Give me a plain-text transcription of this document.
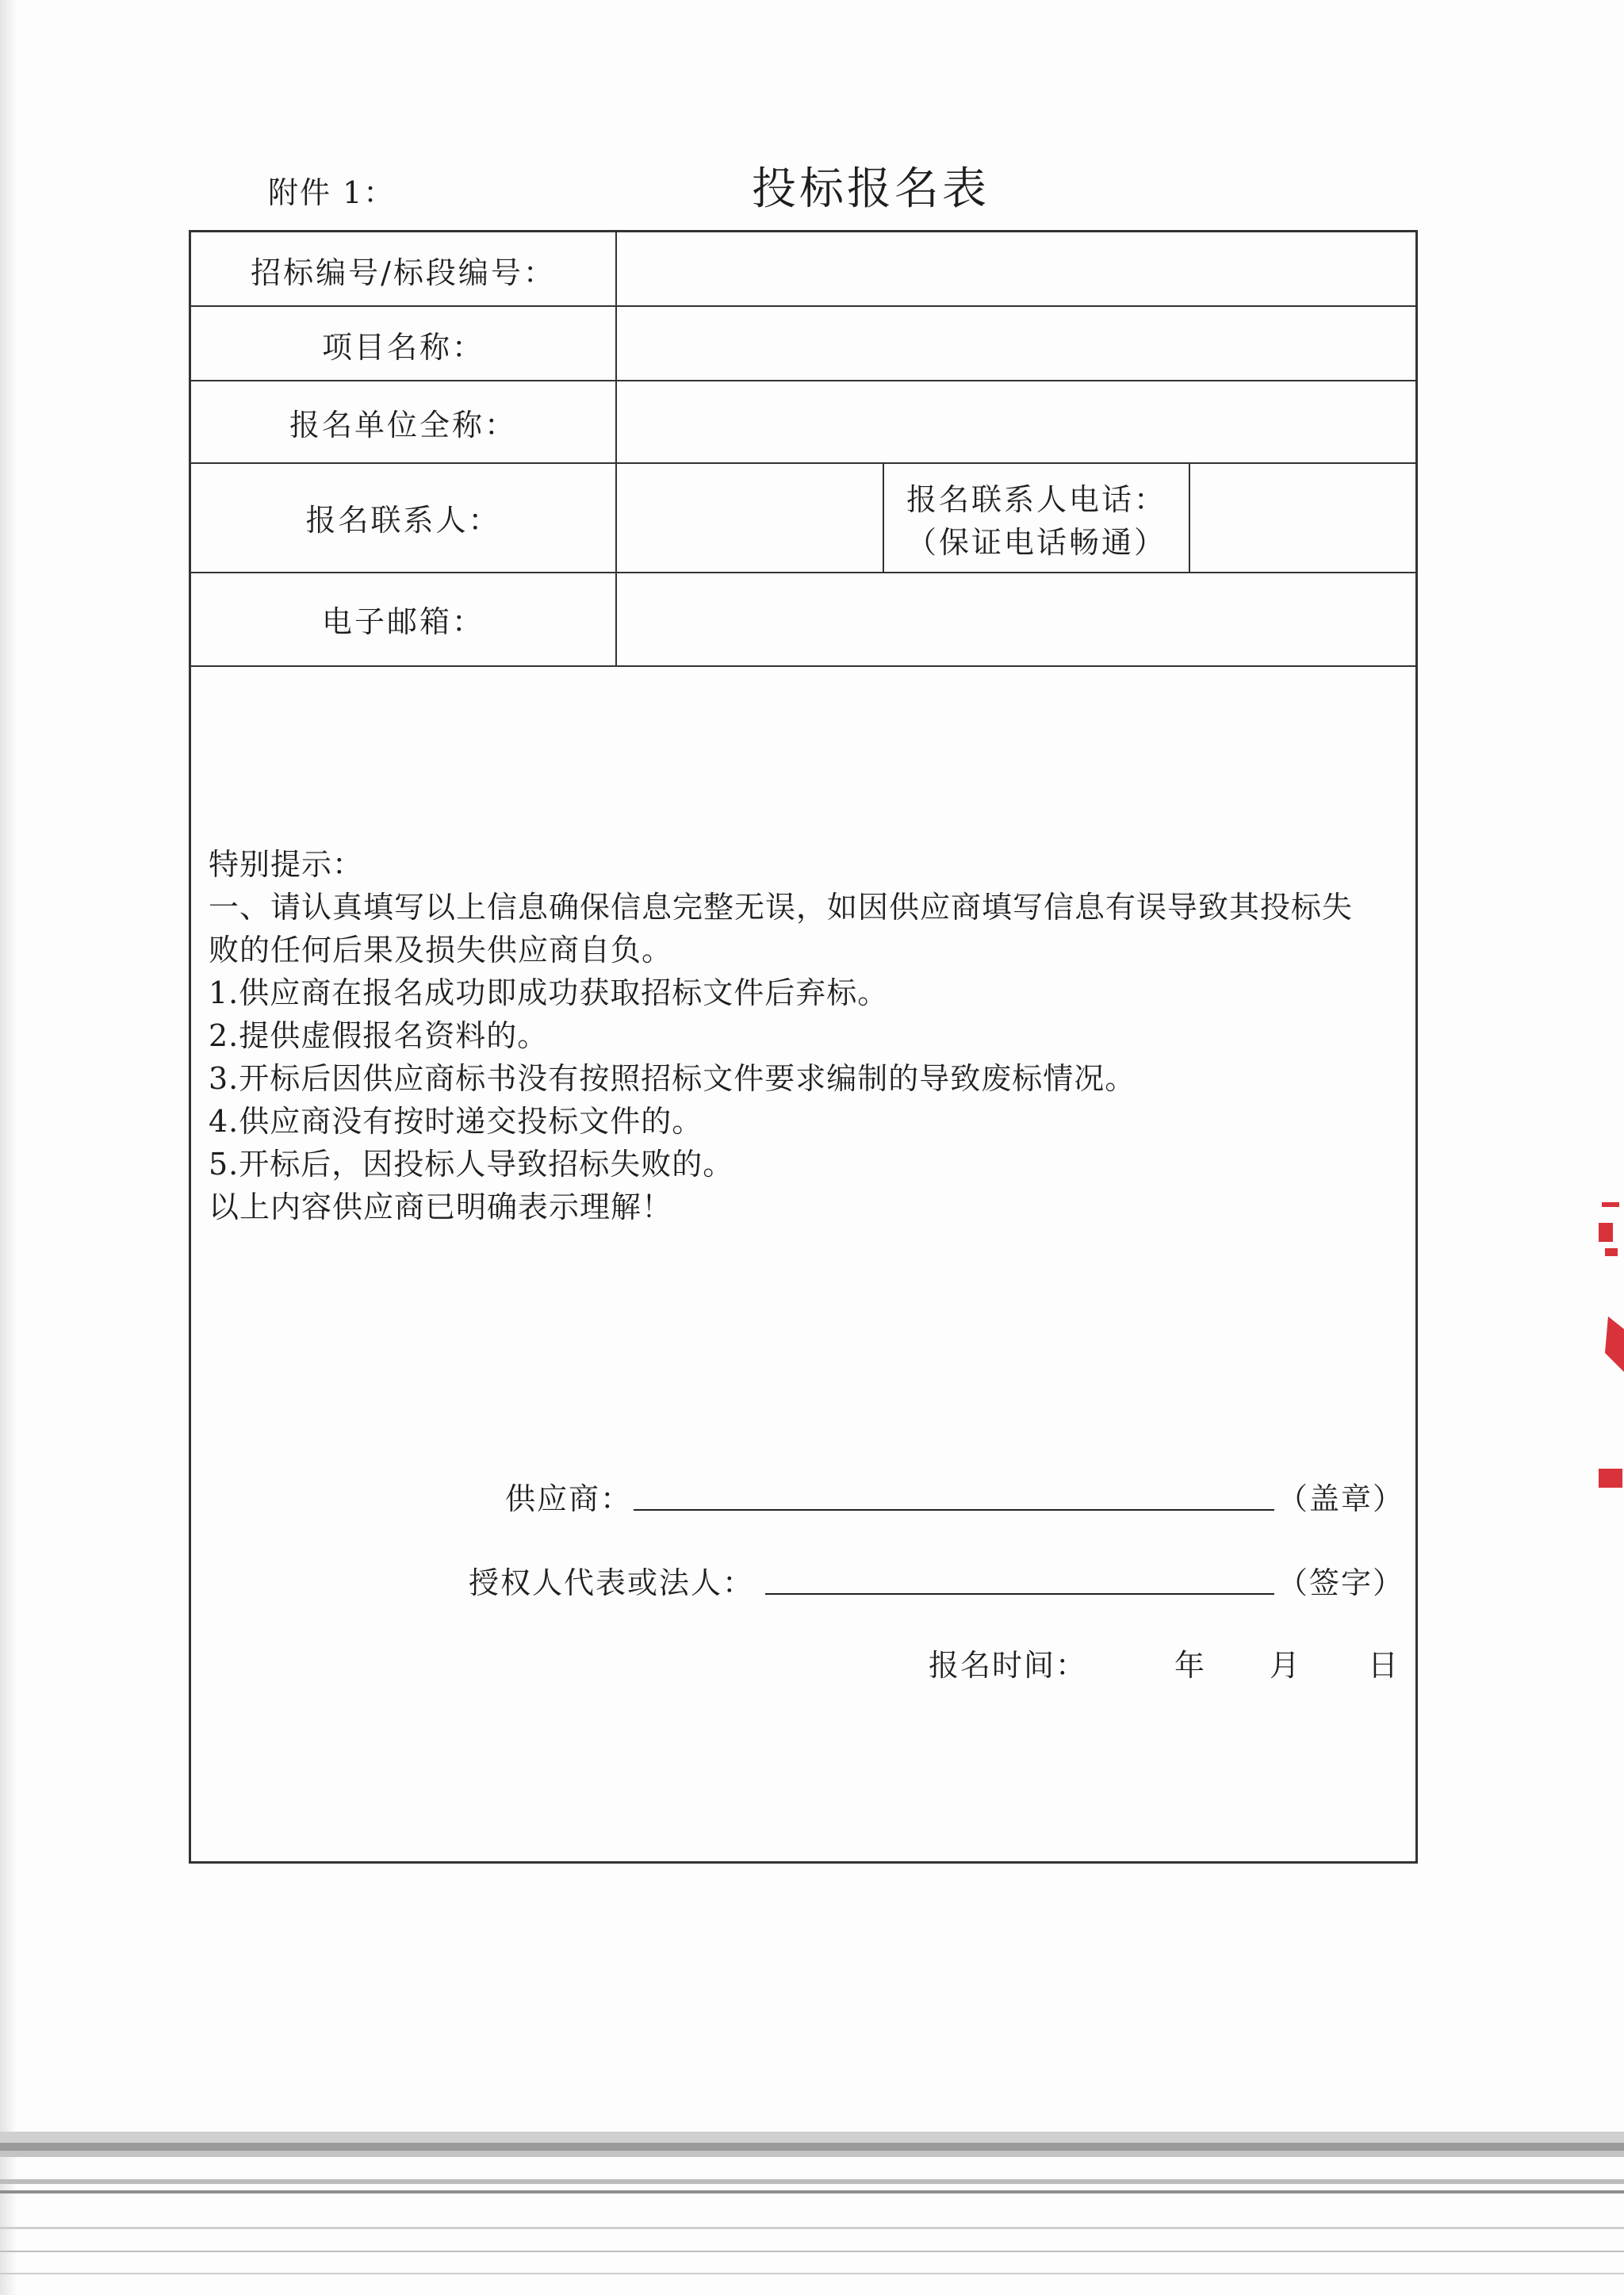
附件 1：	投标报名表
招标编号/标段编号：
项目名称：
报名单位全称：
报名联系人：
报名联系人电话：
（保证电话畅通）
电子邮箱：

特别提示：

一、请认真填写以上信息确保信息完整无误，如因供应商填写信息有误导致其投标失

败的任何后果及损失供应商自负。

1.供应商在报名成功即成功获取招标文件后弃标。

2.提供虚假报名资料的。

3.开标后因供应商标书没有按照招标文件要求编制的导致废标情况。

4.供应商没有按时递交投标文件的。

5.开标后，因投标人导致招标失败的。

以上内容供应商已明确表示理解！

供应商：	（盖章）
授权人代表或法人：	（签字）
报名时间：	年 月 日
